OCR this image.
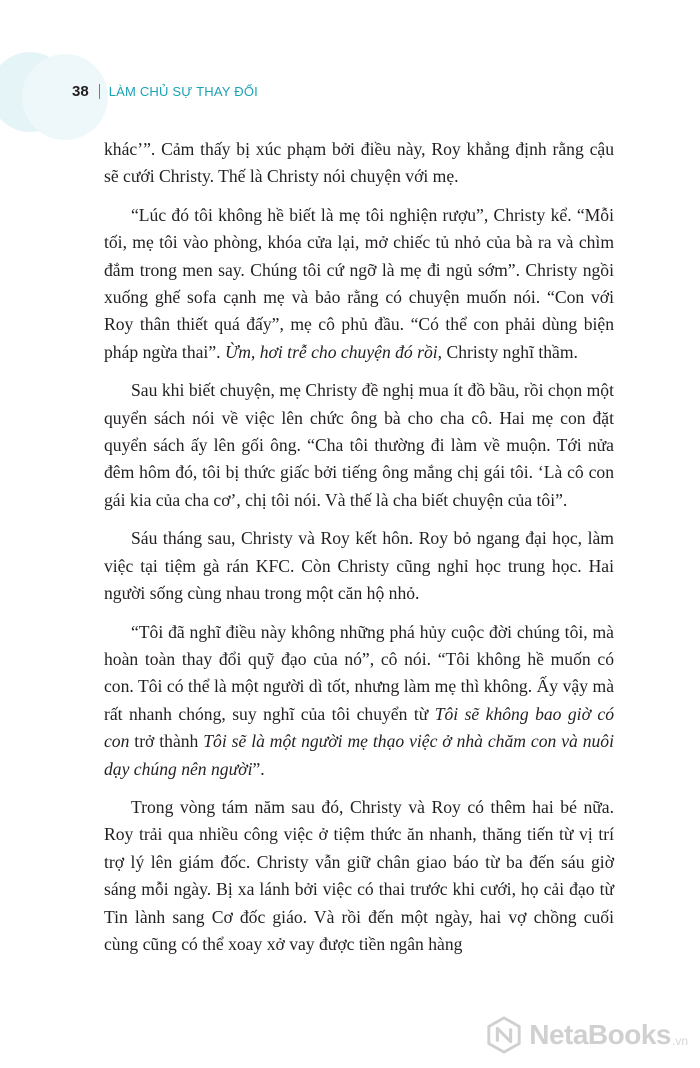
38 LÀM CHỦ SỰ THAY ĐỔI

khác’”. Cảm thấy bị xúc phạm bởi điều này, Roy khẳng định rằng cậu sẽ cưới Christy. Thế là Christy nói chuyện với mẹ.

“Lúc đó tôi không hề biết là mẹ tôi nghiện rượu”, Christy kể. “Mỗi tối, mẹ tôi vào phòng, khóa cửa lại, mở chiếc tủ nhỏ của bà ra và chìm đắm trong men say. Chúng tôi cứ ngỡ là mẹ đi ngủ sớm”. Christy ngồi xuống ghế sofa cạnh mẹ và bảo rằng có chuyện muốn nói. “Con với Roy thân thiết quá đấy”, mẹ cô phủ đầu. “Có thể con phải dùng biện pháp ngừa thai”. Ừm, hơi trễ cho chuyện đó rồi, Christy nghĩ thầm.

Sau khi biết chuyện, mẹ Christy đề nghị mua ít đồ bầu, rồi chọn một quyển sách nói về việc lên chức ông bà cho cha cô. Hai mẹ con đặt quyển sách ấy lên gối ông. “Cha tôi thường đi làm về muộn. Tới nửa đêm hôm đó, tôi bị thức giấc bởi tiếng ông mắng chị gái tôi. ‘Là cô con gái kia của cha cơ’, chị tôi nói. Và thế là cha biết chuyện của tôi”.

Sáu tháng sau, Christy và Roy kết hôn. Roy bỏ ngang đại học, làm việc tại tiệm gà rán KFC. Còn Christy cũng nghỉ học trung học. Hai người sống cùng nhau trong một căn hộ nhỏ.

“Tôi đã nghĩ điều này không những phá hủy cuộc đời chúng tôi, mà hoàn toàn thay đổi quỹ đạo của nó”, cô nói. “Tôi không hề muốn có con. Tôi có thể là một người dì tốt, nhưng làm mẹ thì không. Ấy vậy mà rất nhanh chóng, suy nghĩ của tôi chuyển từ Tôi sẽ không bao giờ có con trở thành Tôi sẽ là một người mẹ thạo việc ở nhà chăm con và nuôi dạy chúng nên người”.

Trong vòng tám năm sau đó, Christy và Roy có thêm hai bé nữa. Roy trải qua nhiều công việc ở tiệm thức ăn nhanh, thăng tiến từ vị trí trợ lý lên giám đốc. Christy vẫn giữ chân giao báo từ ba đến sáu giờ sáng mỗi ngày. Bị xa lánh bởi việc có thai trước khi cưới, họ cải đạo từ Tin lành sang Cơ đốc giáo. Và rồi đến một ngày, hai vợ chồng cuối cùng cũng có thể xoay xở vay được tiền ngân hàng

NetaBooks .vn
